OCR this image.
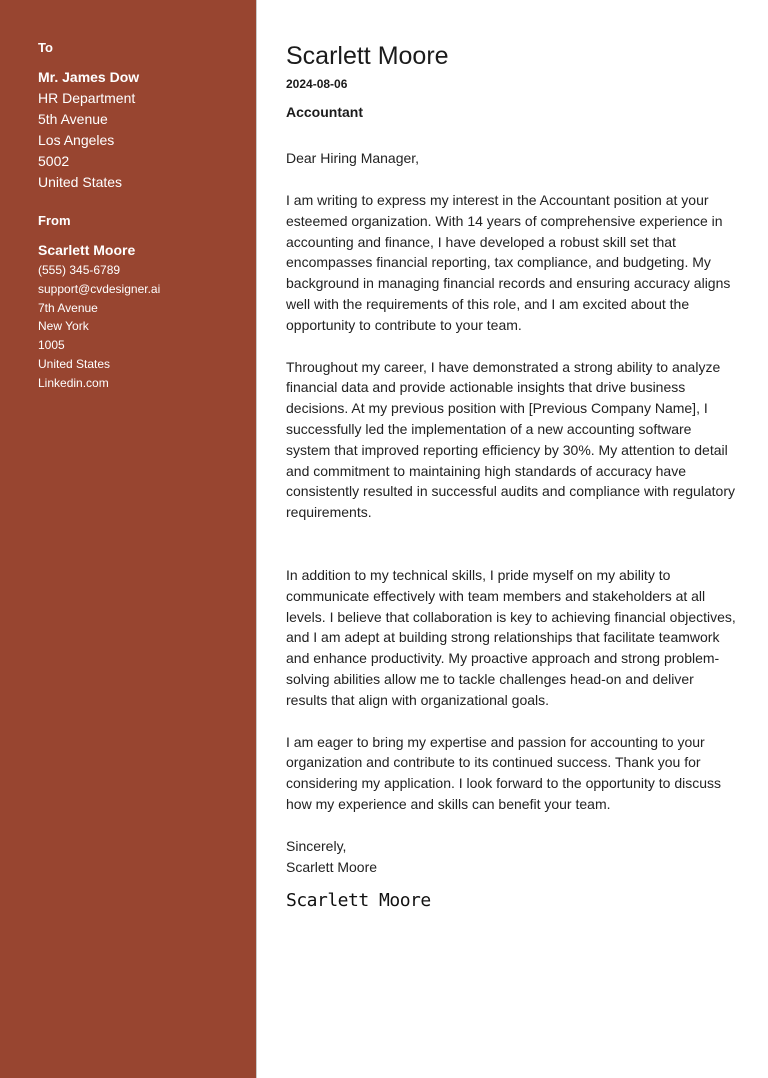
To
Mr. James Dow
HR Department
5th Avenue
Los Angeles
5002
United States
From
Scarlett Moore
(555) 345-6789
support@cvdesigner.ai
7th Avenue
New York
1005
United States
Linkedin.com
Scarlett Moore
2024-08-06
Accountant
Dear Hiring Manager,

I am writing to express my interest in the Accountant position at your esteemed organization. With 14 years of comprehensive experience in accounting and finance, I have developed a robust skill set that encompasses financial reporting, tax compliance, and budgeting. My background in managing financial records and ensuring accuracy aligns well with the requirements of this role, and I am excited about the opportunity to contribute to your team.

Throughout my career, I have demonstrated a strong ability to analyze financial data and provide actionable insights that drive business decisions. At my previous position with [Previous Company Name], I successfully led the implementation of a new accounting software system that improved reporting efficiency by 30%. My attention to detail and commitment to maintaining high standards of accuracy have consistently resulted in successful audits and compliance with regulatory requirements.

In addition to my technical skills, I pride myself on my ability to communicate effectively with team members and stakeholders at all levels. I believe that collaboration is key to achieving financial objectives, and I am adept at building strong relationships that facilitate teamwork and enhance productivity. My proactive approach and strong problem-solving abilities allow me to tackle challenges head-on and deliver results that align with organizational goals.

I am eager to bring my expertise and passion for accounting to your organization and contribute to its continued success. Thank you for considering my application. I look forward to the opportunity to discuss how my experience and skills can benefit your team.

Sincerely,
Scarlett Moore
Scarlett Moore
